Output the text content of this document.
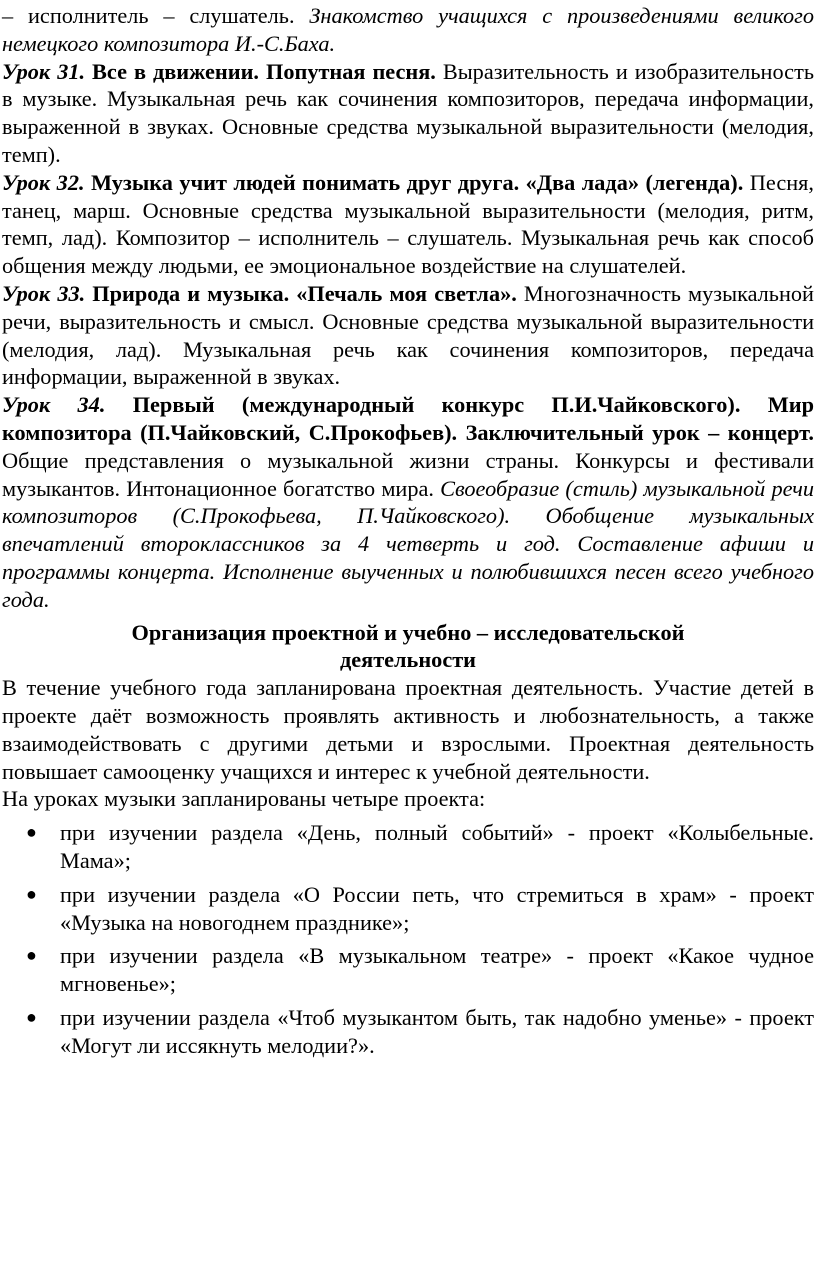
– исполнитель – слушатель. Знакомство учащихся с произведениями великого немецкого композитора И.-С.Баха.

Урок 31. Все в движении. Попутная песня. Выразительность и изобразительность в музыке. Музыкальная речь как сочинения композиторов, передача информации, выраженной в звуках. Основные средства музыкальной выразительности (мелодия, темп).

Урок 32. Музыка учит людей понимать друг друга. «Два лада» (легенда). Песня, танец, марш. Основные средства музыкальной выразительности (мелодия, ритм, темп, лад). Композитор – исполнитель – слушатель. Музыкальная речь как способ общения между людьми, ее эмоциональное воздействие на слушателей.

Урок 33. Природа и музыка. «Печаль моя светла». Многозначность музыкальной речи, выразительность и смысл. Основные средства музыкальной выразительности (мелодия, лад). Музыкальная речь как сочинения композиторов, передача информации, выраженной в звуках.

Урок 34. Первый (международный конкурс П.И.Чайковского). Мир композитора (П.Чайковский, С.Прокофьев). Заключительный урок – концерт. Общие представления о музыкальной жизни страны. Конкурсы и фестивали музыкантов. Интонационное богатство мира. Своеобразие (стиль) музыкальной речи композиторов (С.Прокофьева, П.Чайковского). Обобщение музыкальных впечатлений второклассников за 4 четверть и год. Составление афиши и программы концерта. Исполнение выученных и полюбившихся песен всего учебного года.

Организация проектной и учебно – исследовательской деятельности

В течение учебного года запланирована проектная деятельность. Участие детей в проекте даёт возможность проявлять активность и любознательность, а также взаимодействовать с другими детьми и взрослыми. Проектная деятельность повышает самооценку учащихся и интерес к учебной деятельности.

На уроках музыки запланированы четыре проекта:

● при изучении раздела «День, полный событий» - проект «Колыбельные. Мама»;
● при изучении раздела «О России петь, что стремиться в храм» - проект «Музыка на новогоднем празднике»;
● при изучении раздела «В музыкальном театре» - проект «Какое чудное мгновенье»;
● при изучении раздела «Чтоб музыкантом быть, так надобно уменье» - проект «Могут ли иссякнуть мелодии?».
